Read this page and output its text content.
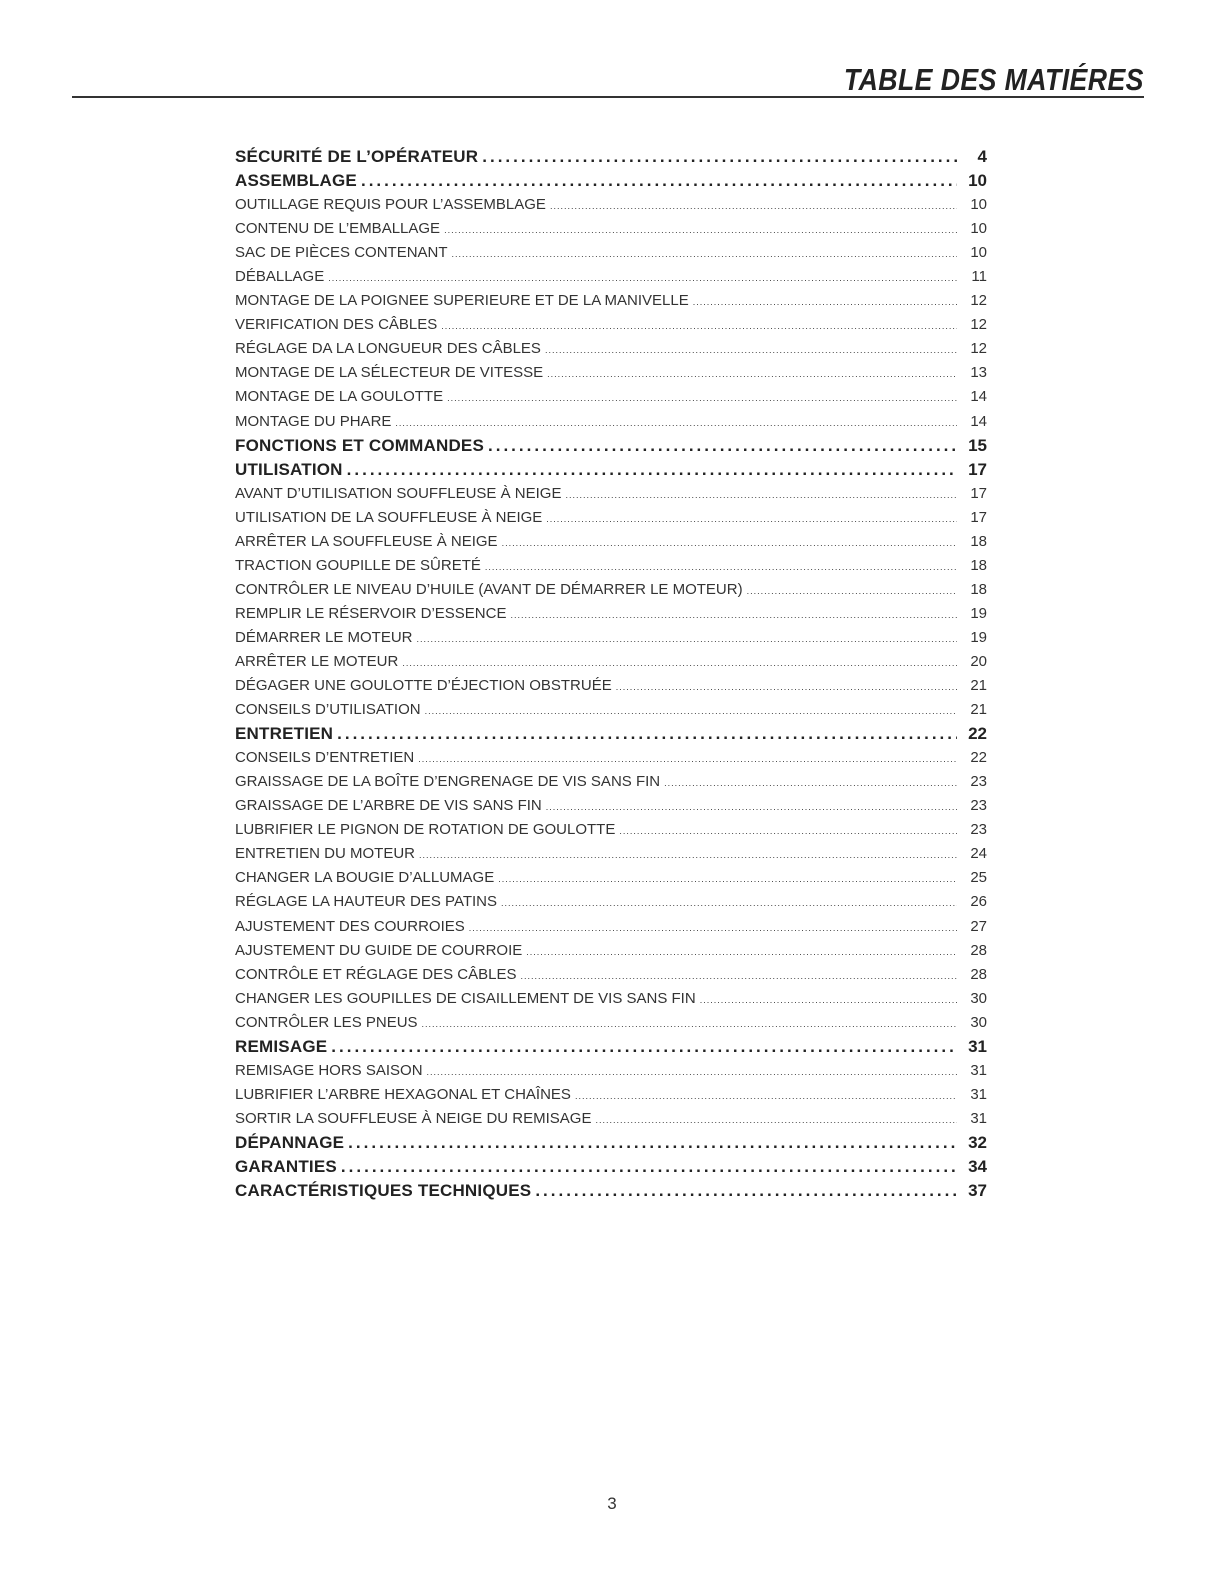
TABLE DES MATIÉRES
SÉCURITÉ DE L’OPÉRATEUR .....	4
ASSEMBLAGE .....	10
OUTILLAGE REQUIS POUR L’ASSEMBLAGE .....	10
CONTENU DE L’EMBALLAGE .....	10
SAC DE PIÈCES CONTENANT .....	10
DÉBALLAGE .....	11
MONTAGE DE LA POIGNEE SUPERIEURE ET DE LA MANIVELLE .....	12
VERIFICATION DES CÂBLES .....	12
RÉGLAGE DA LA LONGUEUR DES CÂBLES .....	12
MONTAGE DE LA SÉLECTEUR DE VITESSE .....	13
MONTAGE DE LA GOULOTTE .....	14
MONTAGE DU PHARE .....	14
FONCTIONS ET COMMANDES .....	15
UTILISATION .....	17
AVANT D’UTILISATION SOUFFLEUSE À NEIGE .....	17
UTILISATION DE LA SOUFFLEUSE À NEIGE .....	17
ARRÊTER LA SOUFFLEUSE À NEIGE .....	18
TRACTION GOUPILLE DE SÛRETÉ .....	18
CONTRÔLER LE NIVEAU D’HUILE (AVANT DE DÉMARRER LE MOTEUR) .....	18
REMPLIR LE RÉSERVOIR D’ESSENCE .....	19
DÉMARRER LE MOTEUR .....	19
ARRÊTER LE MOTEUR .....	20
DÉGAGER UNE GOULOTTE D’ÉJECTION OBSTRUÉE .....	21
CONSEILS D’UTILISATION .....	21
ENTRETIEN .....	22
CONSEILS D’ENTRETIEN .....	22
GRAISSAGE DE LA BOÎTE D’ENGRENAGE DE VIS SANS FIN .....	23
GRAISSAGE DE L’ARBRE DE VIS SANS FIN .....	23
LUBRIFIER LE PIGNON DE ROTATION DE GOULOTTE .....	23
ENTRETIEN DU MOTEUR .....	24
CHANGER LA BOUGIE D’ALLUMAGE .....	25
RÉGLAGE LA HAUTEUR DES PATINS .....	26
AJUSTEMENT DES COURROIES .....	27
AJUSTEMENT DU GUIDE DE COURROIE .....	28
CONTRÔLE ET RÉGLAGE DES CÂBLES .....	28
CHANGER LES GOUPILLES DE CISAILLEMENT DE VIS SANS FIN .....	30
CONTRÔLER LES PNEUS .....	30
REMISAGE .....	31
REMISAGE HORS SAISON .....	31
LUBRIFIER L’ARBRE HEXAGONAL ET CHAÎNES .....	31
SORTIR LA SOUFFLEUSE À NEIGE DU REMISAGE .....	31
DÉPANNAGE .....	32
GARANTIES .....	34
CARACTÉRISTIQUES TECHNIQUES .....	37
3
